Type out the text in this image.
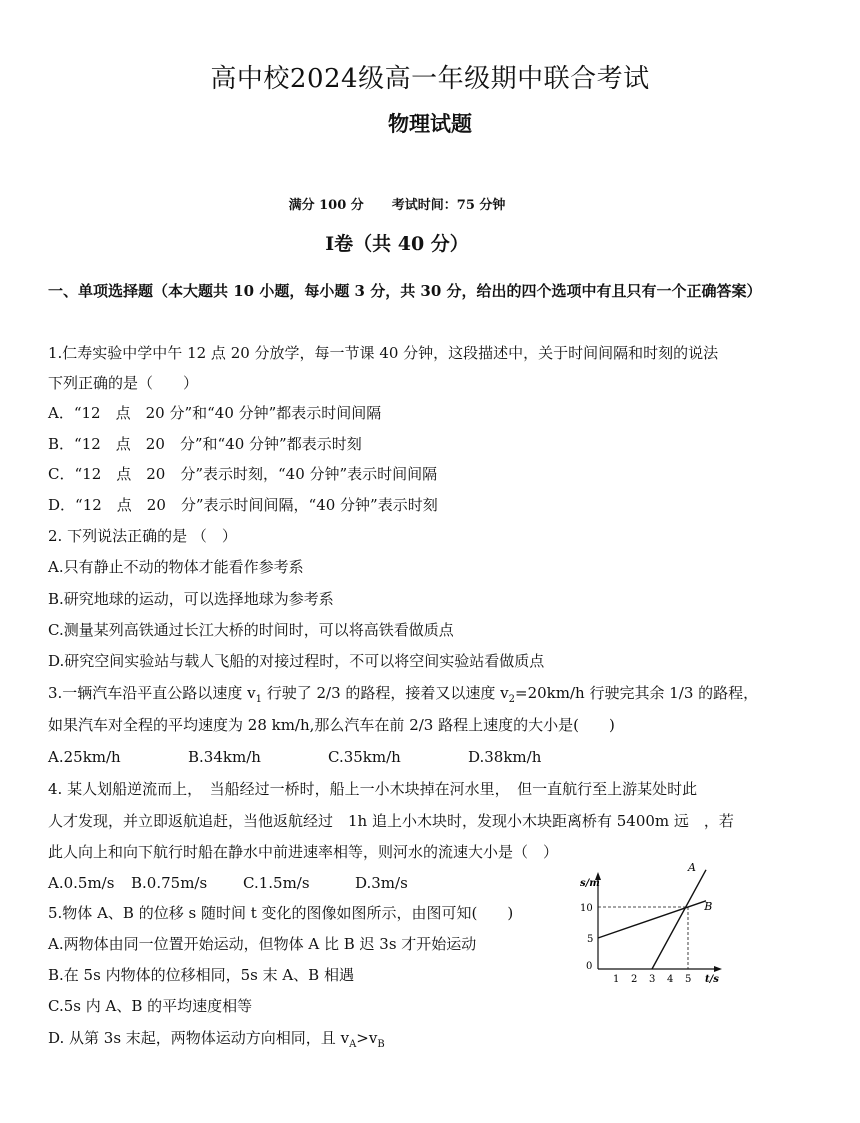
高中校2024级高一年级期中联合考试
物理试题
满分 100 分 考试时间：75 分钟
Ⅰ卷（共 40 分）
一、单项选择题（本大题共 10 小题，每小题 3 分，共 30 分，给出的四个选项中有且只有一个正确答案）
1.仁寿实验中学中午 12 点 20 分放学，每一节课 40 分钟，这段描述中，关于时间间隔和时刻的说法
下列正确的是（　　）
A．“12　点　20 分”和“40 分钟”都表示时间间隔
B．“12　点　20　分”和“40 分钟”都表示时刻
C．“12　点　20　分”表示时刻，“40 分钟”表示时间间隔
D．“12　点　20　分”表示时间间隔，“40 分钟”表示时刻
2. 下列说法正确的是 （　）
A.只有静止不动的物体才能看作参考系
B.研究地球的运动，可以选择地球为参考系
C.测量某列高铁通过长江大桥的时间时，可以将高铁看做质点
D.研究空间实验站与载人飞船的对接过程时，不可以将空间实验站看做质点
3.一辆汽车沿平直公路以速度 $v_1$ 行驶了 2/3 的路程，接着又以速度 $v_2=20km/h$ 行驶完其余 1/3 的路程，
如果汽车对全程的平均速度为 28 km/h,那么汽车在前 2/3 路程上速度的大小是(　　)
A.25km/h	B.34km/h	C.35km/h	D.38km/h
4. 某人划船逆流而上，　当船经过一桥时，船上一小木块掉在河水里，　但一直航行至上游某处时此
人才发现，并立即返航追赶，当他返航经过　1h 追上小木块时，发现小木块距离桥有 5400m 远　，若
此人向上和向下航行时船在静水中前进速率相等，则河水的流速大小是（　）
A.0.5m/s B.0.75m/s C.1.5m/s	D.3m/s
5.物体 A、B 的位移 s 随时间 t 变化的图像如图所示，由图可知(　　)
A.两物体由同一位置开始运动，但物体 A 比 B 迟 3s 才开始运动
B.在 5s 内物体的位移相同，5s 末 A、B 相遇
C.5s 内 A、B 的平均速度相等
D. 从第 3s 末起，两物体运动方向相同，且 $v_A>v_B$
0
1 2 3 4 5
5
10
A
B
s/m
t/s
